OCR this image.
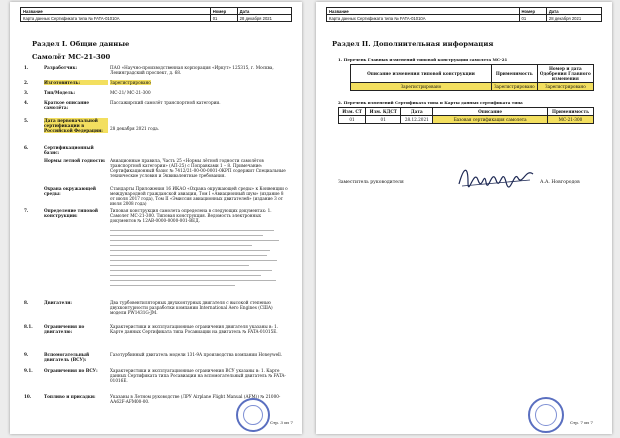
Название	Номер	Дата
Карта данных Сертификата типа № FATA-01010A	01	28 декабря 2021
Раздел I. Общие данные
Самолёт МС-21-300
1.	Разработчик:	ПАО «Научно-производственная корпорация «Иркут» 125315, г. Москва, Ленинградский проспект, д. 68.
2.	Изготовитель:	Зарегистрировано
3.	Тип/Модель:	МС-21/ МС-21-300
4.	Краткое описание самолёта:
Пассажирский самолёт транспортной категории.
5.	Дата первоначальной сертификации в Российской Федерации:	28 декабря 2021 года.
6.	Сертификационный базис:
Нормы летной годности:	Авиационные правила, Часть 25 «Нормы лётной годности самолётов транспортной категории» (АП-25) с Поправками 1 – 8. Примечание: Сертификационный базис № 7412/21-00-00-0001-0КРП содержит Специальные технические условия и Эквивалентные требования.
Охрана окружающей среды:
Стандарты Приложения 16 ИКАО «Охрана окружающей среды» к Конвенции о международной гражданской авиации, Том I «Авиационный шум» (издание 8 от июля 2017 года), Том II «Эмиссия авиационных двигателей» (издание 3 от июля 2008 года)
7.	Определение типовой конструкции:
Типовая конструкция самолета определена в следующих документах: 1. Самолет МС-21-300. Типовая конструкция. Ведомость электронных документов № 12АВ-0000-0000-001-ВЕД.
8.	Двигатели:	Два турбовентиляторных двухконтурных двигателя с высокой степенью двухконтурности разработки компании International Aero Engines (США) модели PW1431G-JM.
8.1.	Ограничения по двигателю:
Характеристики и эксплуатационные ограничения двигателя указаны в: 1. Карте данных Сертификата типа Росавиации на двигатель № FATA-01015E.
9.	Вспомогательный двигатель (ВСУ):
Газотурбинный двигатель модели 131-9А производства компании Honeywell.
9.1.	Ограничения по ВСУ:	Характеристики и эксплуатационные ограничения ВСУ указаны в: 1. Карте данных Сертификата типа Росавиации на вспомогательный двигатель № FATA-01016E.
10.	Топливо и присадки:	Указаны в Летном руководстве (ЛРУ Airplane Flight Manual (AFM)) № 21000-АА62F-AFM00-00.
Стр. 3 из 7
Название	Номер	Дата
Карта данных Сертификата типа № FATA-01010A	01	28 декабря 2021
Раздел II. Дополнительная информация
1. Перечень Главных изменений типовой конструкции самолета МС-21
Описание изменения типовой конструкции	Применимость	Номер и дата Одобрения Главного изменения
Зарегистрировано	Зарегистрировано	Зарегистрировано
2. Перечень изменений Сертификата типа и Карты данных сертификата типа
Изм. СТ	Изм. КДСТ	Дата	Описание	Применимость
01	01	28.12.2021	Базовая сертификация самолета	МС-21-300
Заместитель руководителя	А.А. Новгородов
Стр. 7 из 7
